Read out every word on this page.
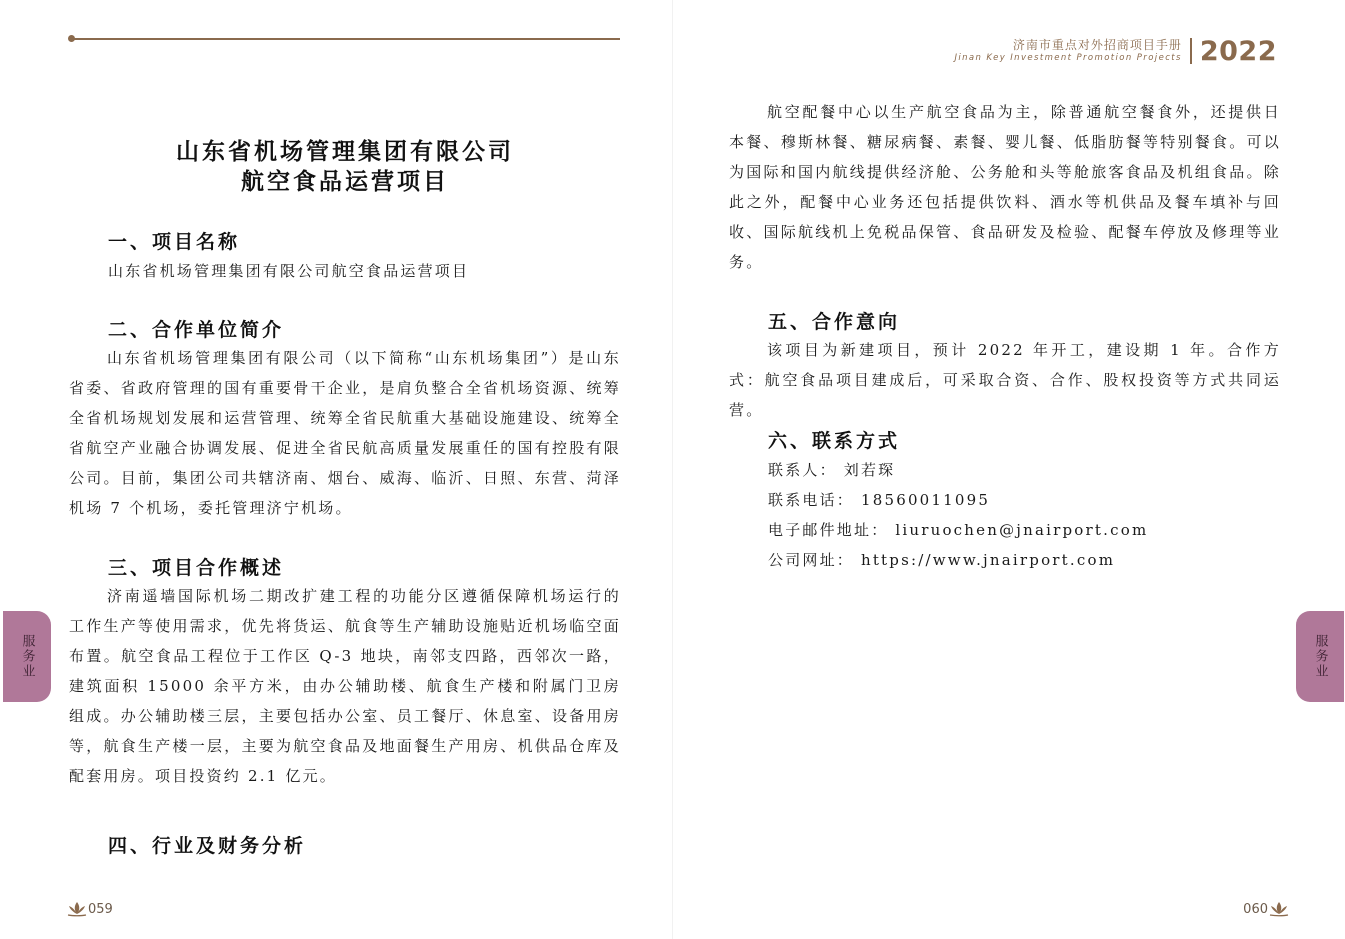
济南市重点对外招商项目手册
Jinan Key Investment Promotion Projects 2022
山东省机场管理集团有限公司
航空食品运营项目
一、项目名称
山东省机场管理集团有限公司航空食品运营项目
二、合作单位简介
山东省机场管理集团有限公司（以下简称“山东机场集团”）是山东省委、省政府管理的国有重要骨干企业，是肩负整合全省机场资源、统筹全省机场规划发展和运营管理、统筹全省民航重大基础设施建设、统筹全省航空产业融合协调发展、促进全省民航高质量发展重任的国有控股有限公司。目前，集团公司共辖济南、烟台、威海、临沂、日照、东营、菏泽机场 7 个机场，委托管理济宁机场。
三、项目合作概述
济南遥墙国际机场二期改扩建工程的功能分区遵循保障机场运行的工作生产等使用需求，优先将货运、航食等生产辅助设施贴近机场临空面布置。航空食品工程位于工作区 Q-3 地块，南邻支四路，西邻次一路，建筑面积 15000 余平方米，由办公辅助楼、航食生产楼和附属门卫房组成。办公辅助楼三层，主要包括办公室、员工餐厅、休息室、设备用房等，航食生产楼一层，主要为航空食品及地面餐生产用房、机供品仓库及配套用房。项目投资约 2.1 亿元。
四、行业及财务分析
航空配餐中心以生产航空食品为主，除普通航空餐食外，还提供日本餐、穆斯林餐、糖尿病餐、素餐、婴儿餐、低脂肪餐等特别餐食。可以为国际和国内航线提供经济舱、公务舱和头等舱旅客食品及机组食品。除此之外，配餐中心业务还包括提供饮料、酒水等机供品及餐车填补与回收、国际航线机上免税品保管、食品研发及检验、配餐车停放及修理等业务。
五、合作意向
该项目为新建项目，预计 2022 年开工，建设期 1 年。合作方式：航空食品项目建成后，可采取合资、合作、股权投资等方式共同运营。
六、联系方式
联系人： 刘若琛
联系电话： 18560011095
电子邮件地址： liuruochen@jnairport.com
公司网址： https://www.jnairport.com
服务业	服务业
059	060
